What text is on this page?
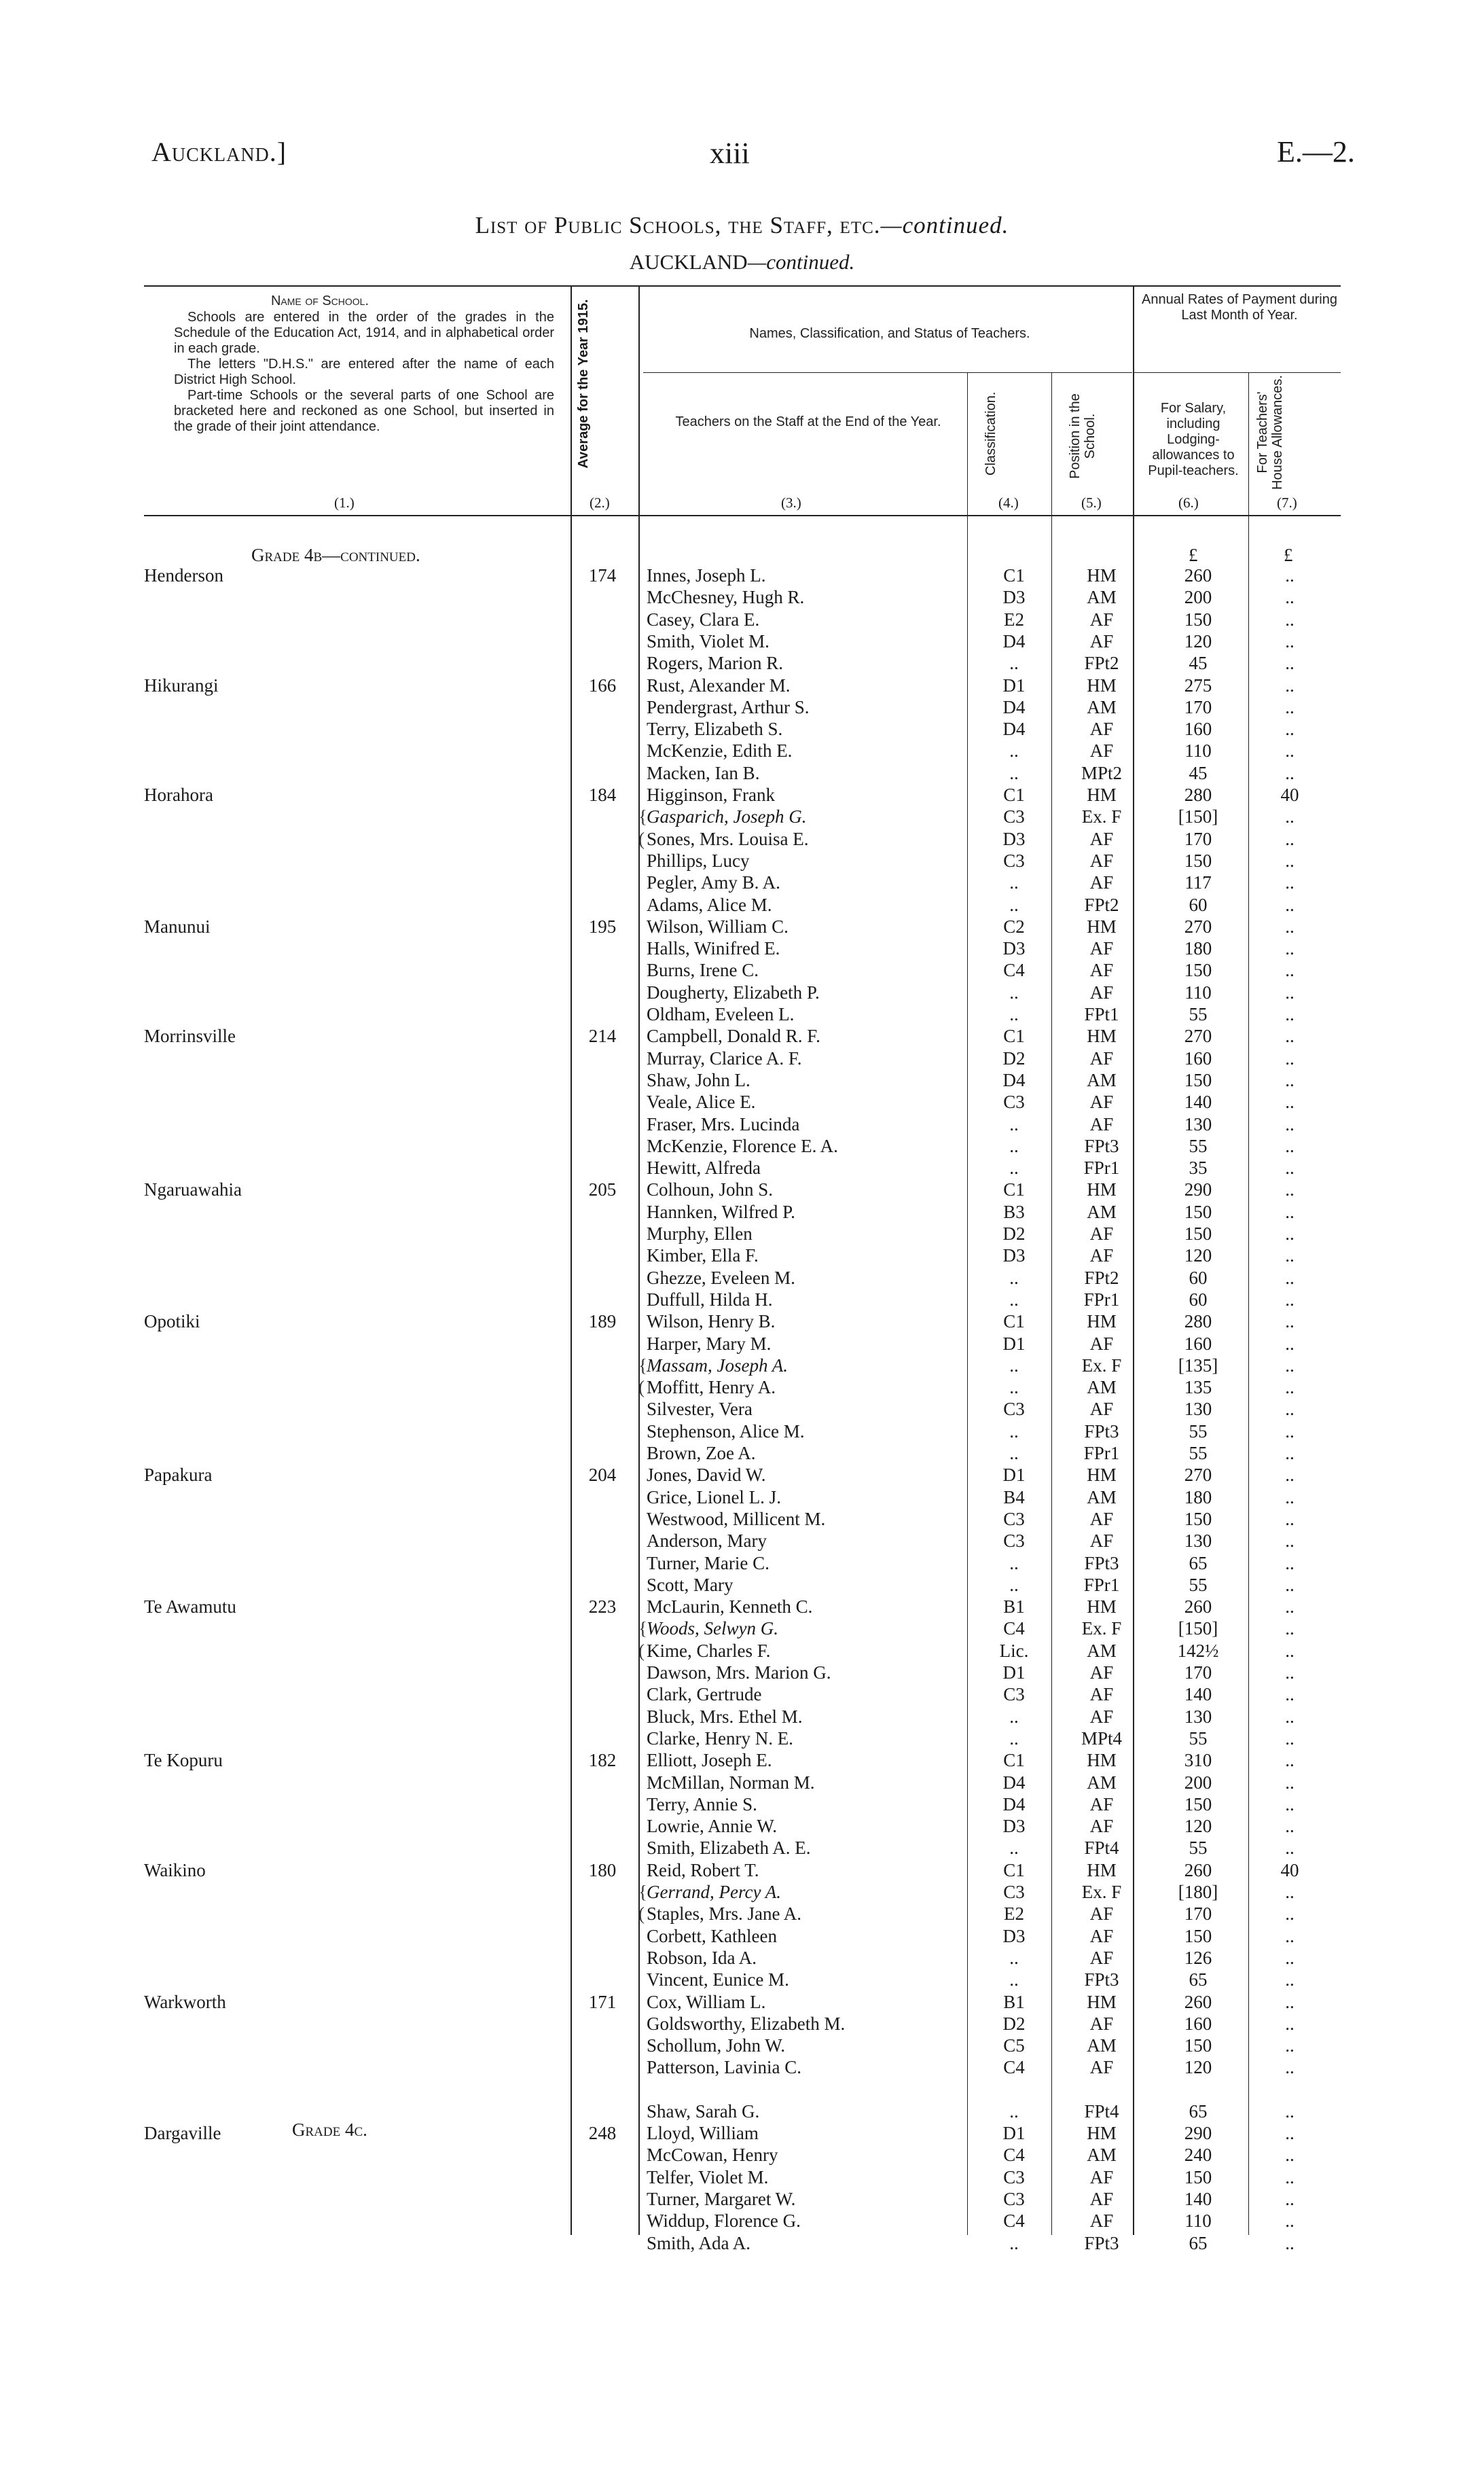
Auckland.]	xiii	E.—2.
List of Public Schools, the Staff, etc.—continued.
AUCKLAND—continued.
Name of School.
Schools are entered in the order of the grades in the Schedule of the Education Act, 1914, and in alphabetical order in each grade.
The letters "D.H.S." are entered after the name of each District High School.
Part-time Schools or the several parts of one School are bracketed here and reckoned as one School, but inserted in the grade of their joint attendance.	Average for the Year 1915.	Names, Classification, and Status of Teachers.
Teachers on the Staff at the End of the Year.	Classification.	Position in the School.
Annual Rates of Payment during Last Month of Year.
For Salary, including Lodging-allowances to Pupil-teachers.	For Teachers' House Allowances.
(1.)	(2.)	(3.)	(4.)	(5.)	(6.)	(7.)
£	£
Grade 4b—continued.
Grade 4c.
Henderson	174	Innes, Joseph L.	C1	HM	260	..
McChesney, Hugh R.	D3	AM	200	..
Casey, Clara E.	E2	AF	150	..
Smith, Violet M.	D4	AF	120	..
Rogers, Marion R.	..	FPt2	45	..
Hikurangi	166	Rust, Alexander M.	D1	HM	275	..
Pendergrast, Arthur S.	D4	AM	170	..
Terry, Elizabeth S.	D4	AF	160	..
McKenzie, Edith E.	..	AF	110	..
Macken, Ian B.	..	MPt2	45	..
Horahora	184	Higginson, Frank	C1	HM	280	40
{ Gasparich, Joseph G.	C3	Ex. F	[150]	..
( Sones, Mrs. Louisa E.	D3	AF	170	..
Phillips, Lucy	C3	AF	150	..
Pegler, Amy B. A.	..	AF	117	..
Adams, Alice M.	..	FPt2	60	..
Manunui	195	Wilson, William C.	C2	HM	270	..
Halls, Winifred E.	D3	AF	180	..
Burns, Irene C.	C4	AF	150	..
Dougherty, Elizabeth P.	..	AF	110	..
Oldham, Eveleen L.	..	FPt1	55	..
Morrinsville	214	Campbell, Donald R. F.	C1	HM	270	..
Murray, Clarice A. F.	D2	AF	160	..
Shaw, John L.	D4	AM	150	..
Veale, Alice E.	C3	AF	140	..
Fraser, Mrs. Lucinda	..	AF	130	..
McKenzie, Florence E. A.	..	FPt3	55	..
Hewitt, Alfreda	..	FPr1	35	..
Ngaruawahia	205	Colhoun, John S.	C1	HM	290	..
Hannken, Wilfred P.	B3	AM	150	..
Murphy, Ellen	D2	AF	150	..
Kimber, Ella F.	D3	AF	120	..
Ghezze, Eveleen M.	..	FPt2	60	..
Duffull, Hilda H.	..	FPr1	60	..
Opotiki	189	Wilson, Henry B.	C1	HM	280	..
Harper, Mary M.	D1	AF	160	..
{ Massam, Joseph A.	..	Ex. F	[135]	..
( Moffitt, Henry A.	..	AM	135	..
Silvester, Vera	C3	AF	130	..
Stephenson, Alice M.	..	FPt3	55	..
Brown, Zoe A.	..	FPr1	55	..
Papakura	204	Jones, David W.	D1	HM	270	..
Grice, Lionel L. J.	B4	AM	180	..
Westwood, Millicent M.	C3	AF	150	..
Anderson, Mary	C3	AF	130	..
Turner, Marie C.	..	FPt3	65	..
Scott, Mary	..	FPr1	55	..
Te Awamutu	223	McLaurin, Kenneth C.	B1	HM	260	..
{ Woods, Selwyn G.	C4	Ex. F	[150]	..
( Kime, Charles F.	Lic.	AM	142½	..
Dawson, Mrs. Marion G.	D1	AF	170	..
Clark, Gertrude	C3	AF	140	..
Bluck, Mrs. Ethel M.	..	AF	130	..
Clarke, Henry N. E.	..	MPt4	55	..
Te Kopuru	182	Elliott, Joseph E.	C1	HM	310	..
McMillan, Norman M.	D4	AM	200	..
Terry, Annie S.	D4	AF	150	..
Lowrie, Annie W.	D3	AF	120	..
Smith, Elizabeth A. E.	..	FPt4	55	..
Waikino	180	Reid, Robert T.	C1	HM	260	40
{ Gerrand, Percy A.	C3	Ex. F	[180]	..
( Staples, Mrs. Jane A.	E2	AF	170	..
Corbett, Kathleen	D3	AF	150	..
Robson, Ida A.	..	AF	126	..
Vincent, Eunice M.	..	FPt3	65	..
Warkworth	171	Cox, William L.	B1	HM	260	..
Goldsworthy, Elizabeth M.	D2	AF	160	..
Schollum, John W.	C5	AM	150	..
Patterson, Lavinia C.	C4	AF	120	..
Shaw, Sarah G.	..	FPt4	65	..
Dargaville	248	Lloyd, William	D1	HM	290	..
McCowan, Henry	C4	AM	240	..
Telfer, Violet M.	C3	AF	150	..
Turner, Margaret W.	C3	AF	140	..
Widdup, Florence G.	C4	AF	110	..
Smith, Ada A.	..	FPt3	65	..
